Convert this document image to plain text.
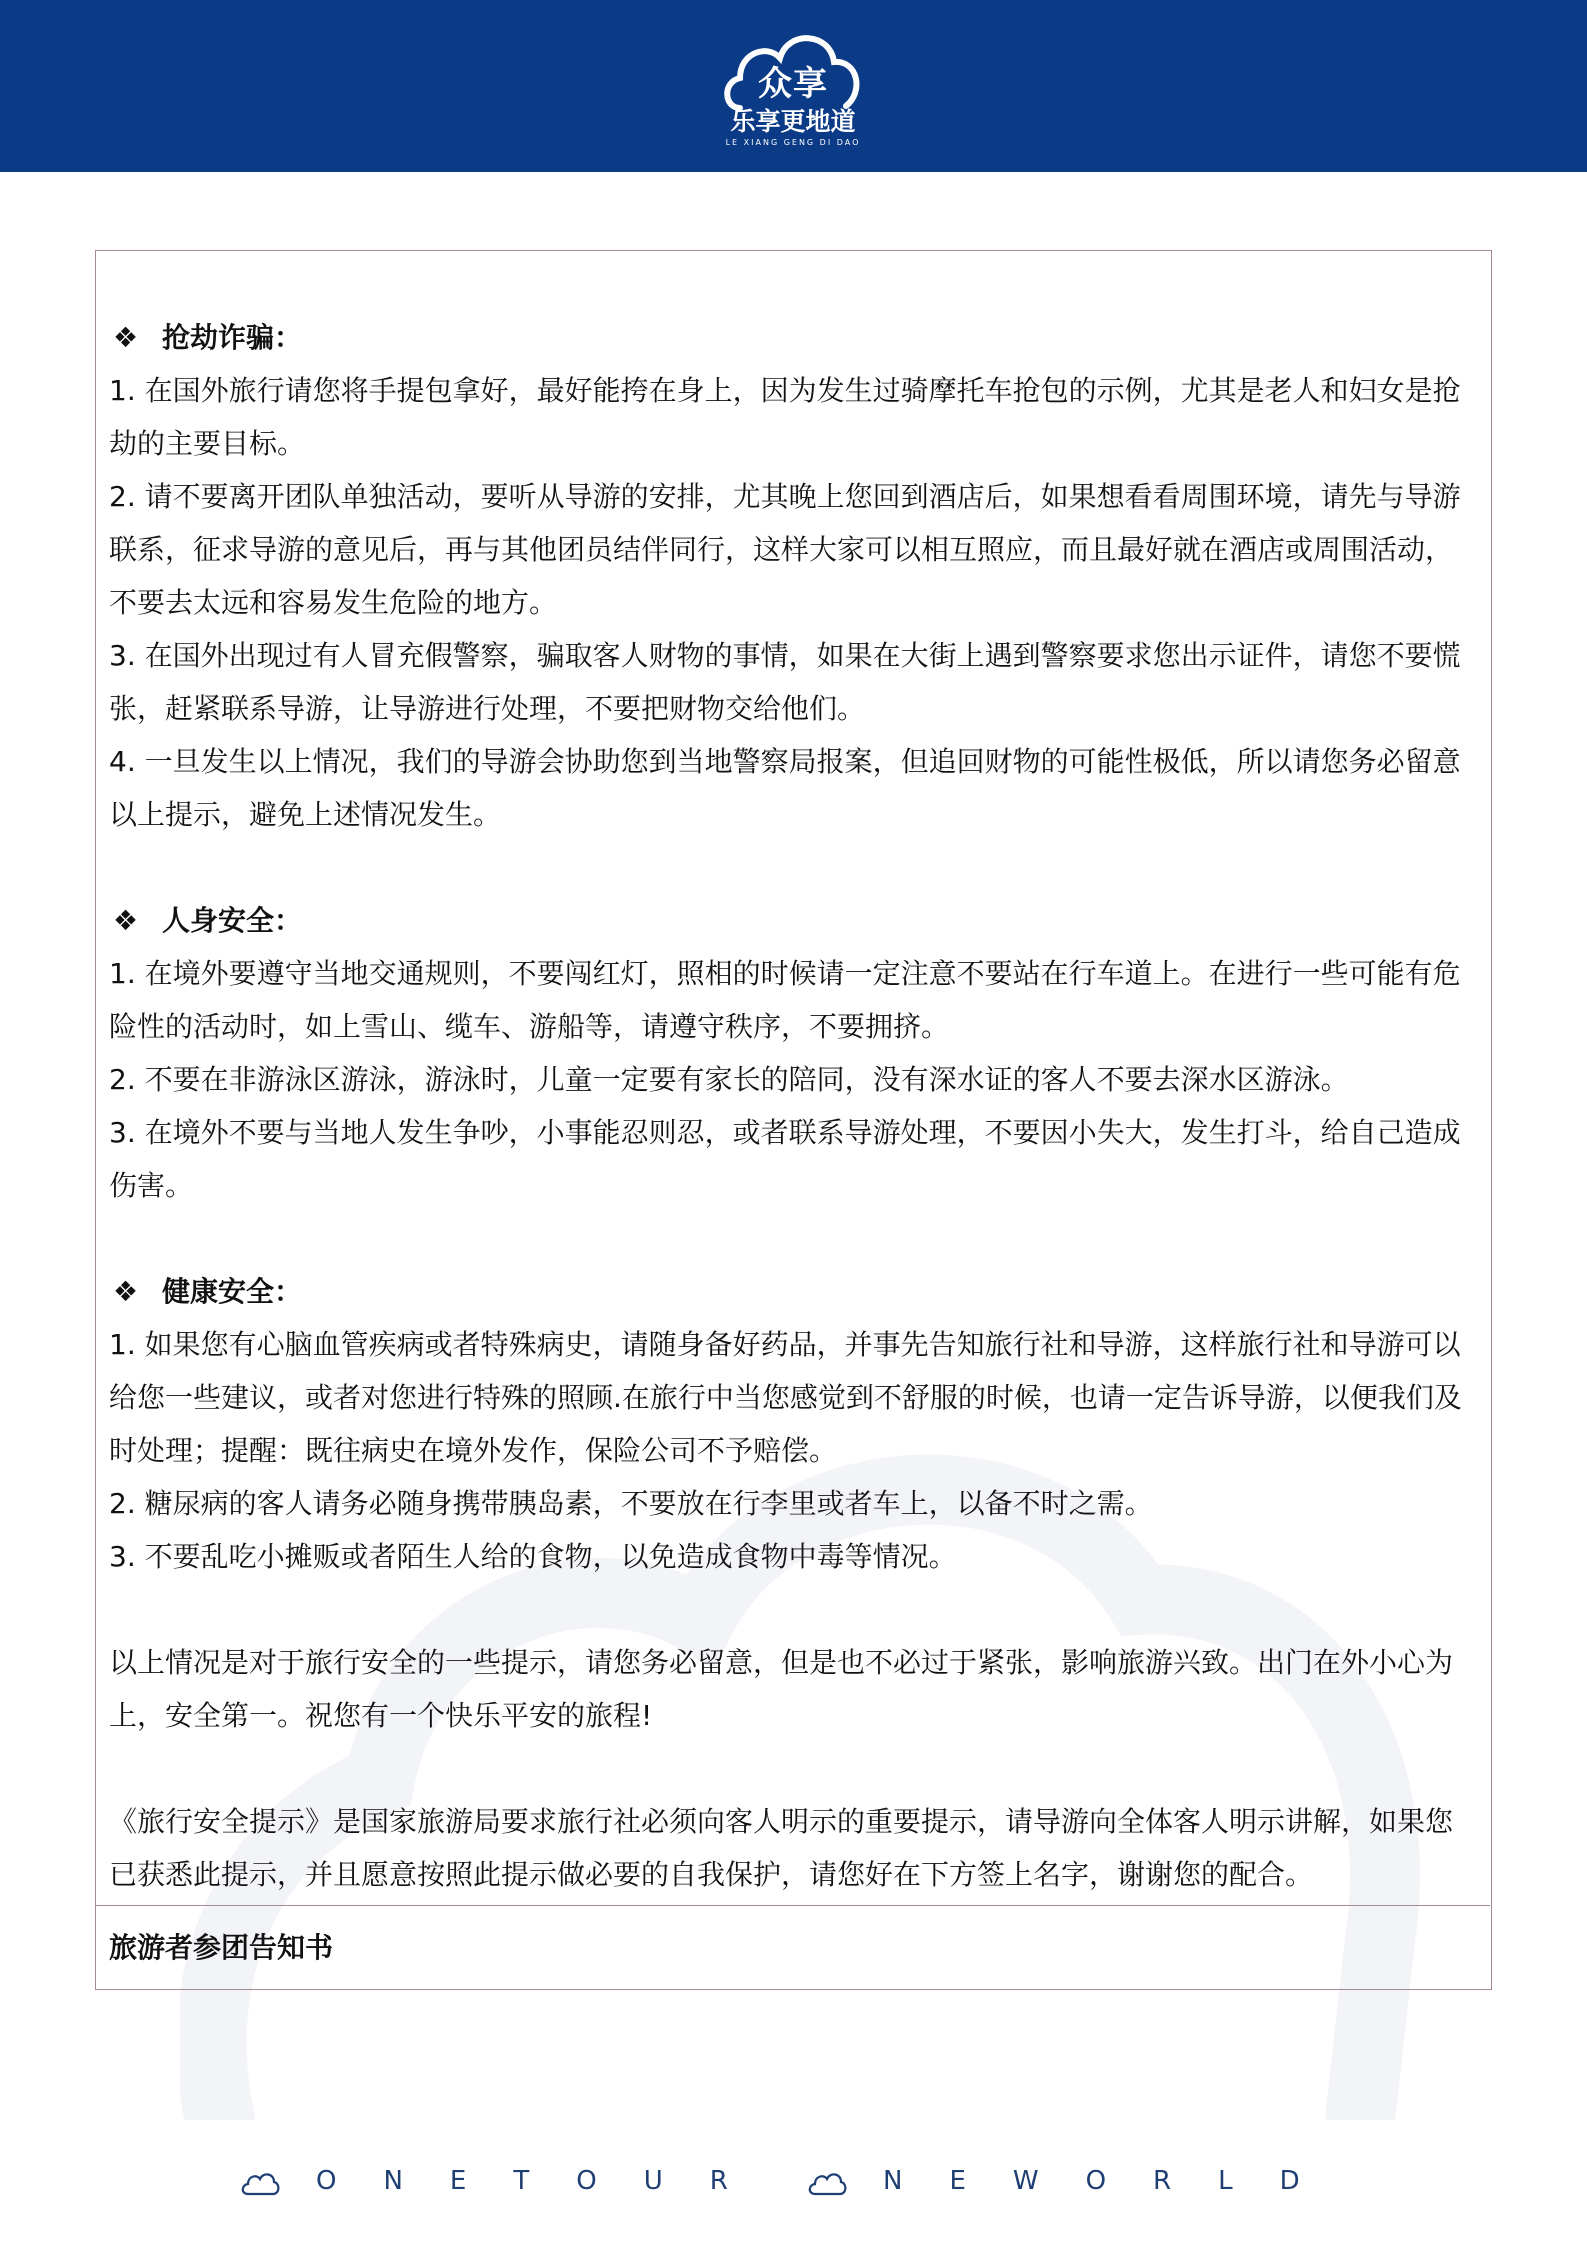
众享
乐享更地道
LE XIANG GENG DI DAO
❖ 抢劫诈骗：

1. 在国外旅行请您将手提包拿好，最好能挎在身上，因为发生过骑摩托车抢包的示例，尤其是老人和妇女是抢劫的主要目标。

2. 请不要离开团队单独活动，要听从导游的安排，尤其晚上您回到酒店后，如果想看看周围环境，请先与导游联系，征求导游的意见后，再与其他团员结伴同行，这样大家可以相互照应，而且最好就在酒店或周围活动，不要去太远和容易发生危险的地方。

3. 在国外出现过有人冒充假警察，骗取客人财物的事情，如果在大街上遇到警察要求您出示证件，请您不要慌张，赶紧联系导游，让导游进行处理，不要把财物交给他们。

4. 一旦发生以上情况，我们的导游会协助您到当地警察局报案，但追回财物的可能性极低，所以请您务必留意以上提示，避免上述情况发生。

❖ 人身安全：

1. 在境外要遵守当地交通规则，不要闯红灯，照相的时候请一定注意不要站在行车道上。在进行一些可能有危险性的活动时，如上雪山、缆车、游船等，请遵守秩序，不要拥挤。

2. 不要在非游泳区游泳，游泳时，儿童一定要有家长的陪同，没有深水证的客人不要去深水区游泳。

3. 在境外不要与当地人发生争吵，小事能忍则忍，或者联系导游处理，不要因小失大，发生打斗，给自己造成伤害。

❖ 健康安全：

1. 如果您有心脑血管疾病或者特殊病史，请随身备好药品，并事先告知旅行社和导游，这样旅行社和导游可以给您一些建议，或者对您进行特殊的照顾.在旅行中当您感觉到不舒服的时候，也请一定告诉导游，以便我们及时处理；提醒：既往病史在境外发作，保险公司不予赔偿。

2. 糖尿病的客人请务必随身携带胰岛素，不要放在行李里或者车上，以备不时之需。

3. 不要乱吃小摊贩或者陌生人给的食物，以免造成食物中毒等情况。

以上情况是对于旅行安全的一些提示，请您务必留意，但是也不必过于紧张，影响旅游兴致。出门在外小心为上，安全第一。祝您有一个快乐平安的旅程!

《旅行安全提示》是国家旅游局要求旅行社必须向客人明示的重要提示，请导游向全体客人明示讲解，如果您已获悉此提示，并且愿意按照此提示做必要的自我保护，请您好在下方签上名字，谢谢您的配合。

旅游者参团告知书
ONETOUR	NEWORLD
